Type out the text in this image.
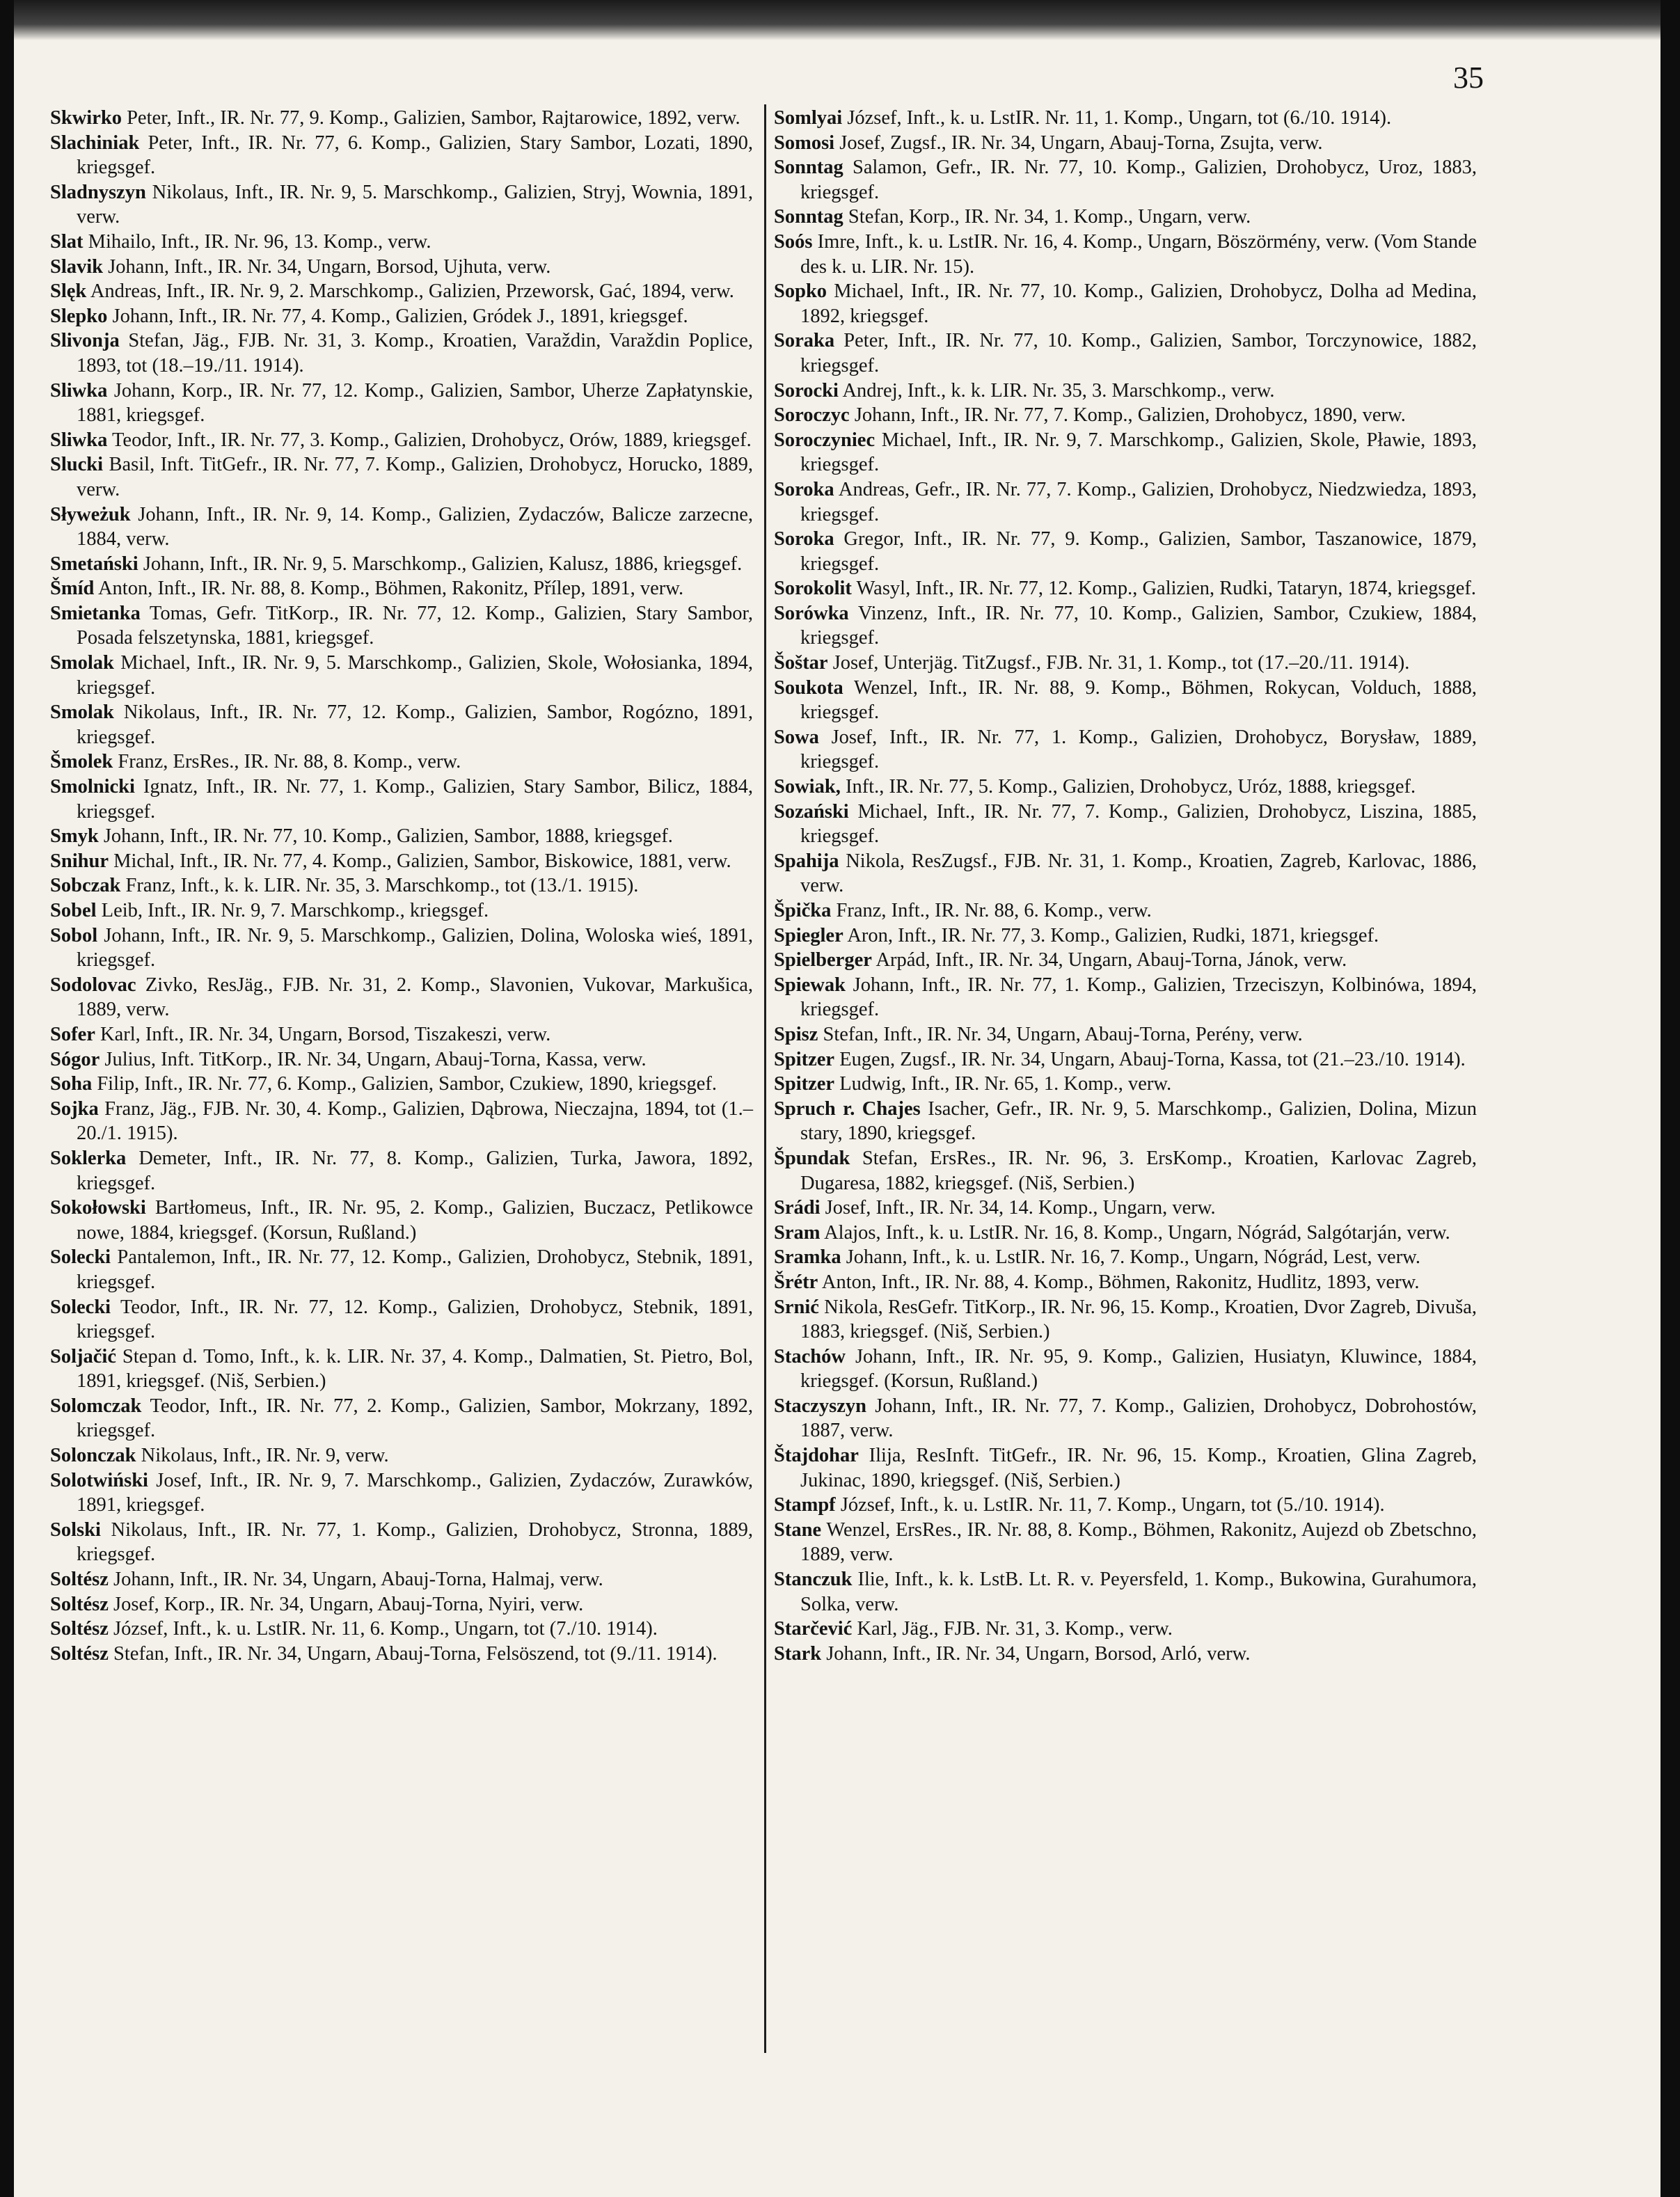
35
Skwirko Peter, Inft., IR. Nr. 77, 9. Komp., Galizien, Sambor, Rajtarowice, 1892, verw.
Slachiniak Peter, Inft., IR. Nr. 77, 6. Komp., Galizien, Stary Sambor, Lozati, 1890, kriegsgef.
Sladnyszyn Nikolaus, Inft., IR. Nr. 9, 5. Marschkomp., Galizien, Stryj, Wownia, 1891, verw.
Slat Mihailo, Inft., IR. Nr. 96, 13. Komp., verw.
Slavik Johann, Inft., IR. Nr. 34, Ungarn, Borsod, Ujhuta, verw.
Slęk Andreas, Inft., IR. Nr. 9, 2. Marschkomp., Galizien, Przeworsk, Gać, 1894, verw.
Slepko Johann, Inft., IR. Nr. 77, 4. Komp., Galizien, Gródek J., 1891, kriegsgef.
Slivonja Stefan, Jäg., FJB. Nr. 31, 3. Komp., Kroatien, Varaždin, Varaždin Poplice, 1893, tot (18.–19./11. 1914).
Sliwka Johann, Korp., IR. Nr. 77, 12. Komp., Galizien, Sambor, Uherze Zapłatynskie, 1881, kriegsgef.
Sliwka Teodor, Inft., IR. Nr. 77, 3. Komp., Galizien, Drohobycz, Orów, 1889, kriegsgef.
Slucki Basil, Inft. TitGefr., IR. Nr. 77, 7. Komp., Galizien, Drohobycz, Horucko, 1889, verw.
Sływeżuk Johann, Inft., IR. Nr. 9, 14. Komp., Galizien, Zydaczów, Balicze zarzecne, 1884, verw.
Smetański Johann, Inft., IR. Nr. 9, 5. Marschkomp., Galizien, Kalusz, 1886, kriegsgef.
Šmíd Anton, Inft., IR. Nr. 88, 8. Komp., Böhmen, Rakonitz, Přílep, 1891, verw.
Smietanka Tomas, Gefr. TitKorp., IR. Nr. 77, 12. Komp., Galizien, Stary Sambor, Posada felszetynska, 1881, kriegsgef.
Smolak Michael, Inft., IR. Nr. 9, 5. Marschkomp., Galizien, Skole, Wołosianka, 1894, kriegsgef.
Smolak Nikolaus, Inft., IR. Nr. 77, 12. Komp., Galizien, Sambor, Rogózno, 1891, kriegsgef.
Šmolek Franz, ErsRes., IR. Nr. 88, 8. Komp., verw.
Smolnicki Ignatz, Inft., IR. Nr. 77, 1. Komp., Galizien, Stary Sambor, Bilicz, 1884, kriegsgef.
Smyk Johann, Inft., IR. Nr. 77, 10. Komp., Galizien, Sambor, 1888, kriegsgef.
Snihur Michal, Inft., IR. Nr. 77, 4. Komp., Galizien, Sambor, Biskowice, 1881, verw.
Sobczak Franz, Inft., k. k. LIR. Nr. 35, 3. Marschkomp., tot (13./1. 1915).
Sobel Leib, Inft., IR. Nr. 9, 7. Marschkomp., kriegsgef.
Sobol Johann, Inft., IR. Nr. 9, 5. Marschkomp., Galizien, Dolina, Woloska wieś, 1891, kriegsgef.
Sodolovac Zivko, ResJäg., FJB. Nr. 31, 2. Komp., Slavonien, Vukovar, Markušica, 1889, verw.
Sofer Karl, Inft., IR. Nr. 34, Ungarn, Borsod, Tiszakeszi, verw.
Sógor Julius, Inft. TitKorp., IR. Nr. 34, Ungarn, Abauj-Torna, Kassa, verw.
Soha Filip, Inft., IR. Nr. 77, 6. Komp., Galizien, Sambor, Czukiew, 1890, kriegsgef.
Sojka Franz, Jäg., FJB. Nr. 30, 4. Komp., Galizien, Dąbrowa, Nieczajna, 1894, tot (1.–20./1. 1915).
Soklerka Demeter, Inft., IR. Nr. 77, 8. Komp., Galizien, Turka, Jawora, 1892, kriegsgef.
Sokołowski Bartłomeus, Inft., IR. Nr. 95, 2. Komp., Galizien, Buczacz, Petlikowce nowe, 1884, kriegsgef. (Korsun, Rußland.)
Solecki Pantalemon, Inft., IR. Nr. 77, 12. Komp., Galizien, Drohobycz, Stebnik, 1891, kriegsgef.
Solecki Teodor, Inft., IR. Nr. 77, 12. Komp., Galizien, Drohobycz, Stebnik, 1891, kriegsgef.
Soljačić Stepan d. Tomo, Inft., k. k. LIR. Nr. 37, 4. Komp., Dalmatien, St. Pietro, Bol, 1891, kriegsgef. (Niš, Serbien.)
Solomczak Teodor, Inft., IR. Nr. 77, 2. Komp., Galizien, Sambor, Mokrzany, 1892, kriegsgef.
Solonczak Nikolaus, Inft., IR. Nr. 9, verw.
Solotwiński Josef, Inft., IR. Nr. 9, 7. Marschkomp., Galizien, Zydaczów, Zurawków, 1891, kriegsgef.
Solski Nikolaus, Inft., IR. Nr. 77, 1. Komp., Galizien, Drohobycz, Stronna, 1889, kriegsgef.
Soltész Johann, Inft., IR. Nr. 34, Ungarn, Abauj-Torna, Halmaj, verw.
Soltész Josef, Korp., IR. Nr. 34, Ungarn, Abauj-Torna, Nyiri, verw.
Soltész József, Inft., k. u. LstIR. Nr. 11, 6. Komp., Ungarn, tot (7./10. 1914).
Soltész Stefan, Inft., IR. Nr. 34, Ungarn, Abauj-Torna, Felsöszend, tot (9./11. 1914).
Somlyai József, Inft., k. u. LstIR. Nr. 11, 1. Komp., Ungarn, tot (6./10. 1914).
Somosi Josef, Zugsf., IR. Nr. 34, Ungarn, Abauj-Torna, Zsujta, verw.
Sonntag Salamon, Gefr., IR. Nr. 77, 10. Komp., Galizien, Drohobycz, Uroz, 1883, kriegsgef.
Sonntag Stefan, Korp., IR. Nr. 34, 1. Komp., Ungarn, verw.
Soós Imre, Inft., k. u. LstIR. Nr. 16, 4. Komp., Ungarn, Böszörmény, verw. (Vom Stande des k. u. LIR. Nr. 15).
Sopko Michael, Inft., IR. Nr. 77, 10. Komp., Galizien, Drohobycz, Dolha ad Medina, 1892, kriegsgef.
Soraka Peter, Inft., IR. Nr. 77, 10. Komp., Galizien, Sambor, Torczynowice, 1882, kriegsgef.
Sorocki Andrej, Inft., k. k. LIR. Nr. 35, 3. Marschkomp., verw.
Soroczyc Johann, Inft., IR. Nr. 77, 7. Komp., Galizien, Drohobycz, 1890, verw.
Soroczyniec Michael, Inft., IR. Nr. 9, 7. Marschkomp., Galizien, Skole, Pławie, 1893, kriegsgef.
Soroka Andreas, Gefr., IR. Nr. 77, 7. Komp., Galizien, Drohobycz, Niedzwiedza, 1893, kriegsgef.
Soroka Gregor, Inft., IR. Nr. 77, 9. Komp., Galizien, Sambor, Taszanowice, 1879, kriegsgef.
Sorokolit Wasyl, Inft., IR. Nr. 77, 12. Komp., Galizien, Rudki, Tataryn, 1874, kriegsgef.
Sorówka Vinzenz, Inft., IR. Nr. 77, 10. Komp., Galizien, Sambor, Czukiew, 1884, kriegsgef.
Šoštar Josef, Unterjäg. TitZugsf., FJB. Nr. 31, 1. Komp., tot (17.–20./11. 1914).
Soukota Wenzel, Inft., IR. Nr. 88, 9. Komp., Böhmen, Rokycan, Volduch, 1888, kriegsgef.
Sowa Josef, Inft., IR. Nr. 77, 1. Komp., Galizien, Drohobycz, Borysław, 1889, kriegsgef.
Sowiak, Inft., IR. Nr. 77, 5. Komp., Galizien, Drohobycz, Uróz, 1888, kriegsgef.
Sozański Michael, Inft., IR. Nr. 77, 7. Komp., Galizien, Drohobycz, Liszina, 1885, kriegsgef.
Spahija Nikola, ResZugsf., FJB. Nr. 31, 1. Komp., Kroatien, Zagreb, Karlovac, 1886, verw.
Špička Franz, Inft., IR. Nr. 88, 6. Komp., verw.
Spiegler Aron, Inft., IR. Nr. 77, 3. Komp., Galizien, Rudki, 1871, kriegsgef.
Spielberger Arpád, Inft., IR. Nr. 34, Ungarn, Abauj-Torna, Jánok, verw.
Spiewak Johann, Inft., IR. Nr. 77, 1. Komp., Galizien, Trzeciszyn, Kolbinówa, 1894, kriegsgef.
Spisz Stefan, Inft., IR. Nr. 34, Ungarn, Abauj-Torna, Perény, verw.
Spitzer Eugen, Zugsf., IR. Nr. 34, Ungarn, Abauj-Torna, Kassa, tot (21.–23./10. 1914).
Spitzer Ludwig, Inft., IR. Nr. 65, 1. Komp., verw.
Spruch r. Chajes Isacher, Gefr., IR. Nr. 9, 5. Marschkomp., Galizien, Dolina, Mizun stary, 1890, kriegsgef.
Špundak Stefan, ErsRes., IR. Nr. 96, 3. ErsKomp., Kroatien, Karlovac Zagreb, Dugaresa, 1882, kriegsgef. (Niš, Serbien.)
Srádi Josef, Inft., IR. Nr. 34, 14. Komp., Ungarn, verw.
Sram Alajos, Inft., k. u. LstIR. Nr. 16, 8. Komp., Ungarn, Nógrád, Salgótarján, verw.
Sramka Johann, Inft., k. u. LstIR. Nr. 16, 7. Komp., Ungarn, Nógrád, Lest, verw.
Šrétr Anton, Inft., IR. Nr. 88, 4. Komp., Böhmen, Rakonitz, Hudlitz, 1893, verw.
Srnić Nikola, ResGefr. TitKorp., IR. Nr. 96, 15. Komp., Kroatien, Dvor Zagreb, Divuša, 1883, kriegsgef. (Niš, Serbien.)
Stachów Johann, Inft., IR. Nr. 95, 9. Komp., Galizien, Husiatyn, Kluwince, 1884, kriegsgef. (Korsun, Rußland.)
Staczyszyn Johann, Inft., IR. Nr. 77, 7. Komp., Galizien, Drohobycz, Dobrohostów, 1887, verw.
Štajdohar Ilija, ResInft. TitGefr., IR. Nr. 96, 15. Komp., Kroatien, Glina Zagreb, Jukinac, 1890, kriegsgef. (Niš, Serbien.)
Stampf József, Inft., k. u. LstIR. Nr. 11, 7. Komp., Ungarn, tot (5./10. 1914).
Stane Wenzel, ErsRes., IR. Nr. 88, 8. Komp., Böhmen, Rakonitz, Aujezd ob Zbetschno, 1889, verw.
Stanczuk Ilie, Inft., k. k. LstB. Lt. R. v. Peyersfeld, 1. Komp., Bukowina, Gurahumora, Solka, verw.
Starčević Karl, Jäg., FJB. Nr. 31, 3. Komp., verw.
Stark Johann, Inft., IR. Nr. 34, Ungarn, Borsod, Arló, verw.
